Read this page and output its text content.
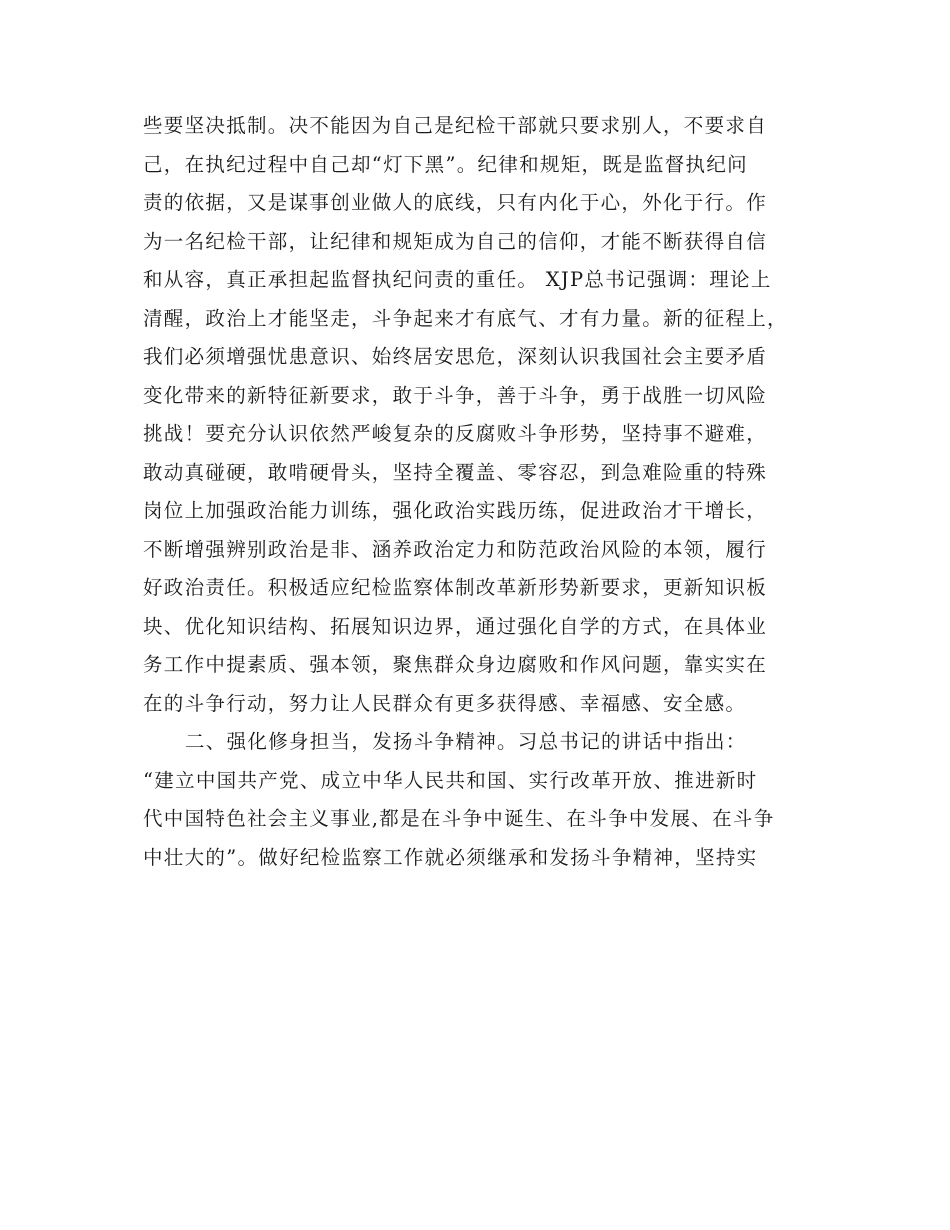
些要坚决抵制。决不能因为自己是纪检干部就只要求别人，不要求自
己，在执纪过程中自己却“灯下黑”。纪律和规矩，既是监督执纪问
责的依据，又是谋事创业做人的底线，只有内化于心，外化于行。作
为一名纪检干部，让纪律和规矩成为自己的信仰，才能不断获得自信
和从容，真正承担起监督执纪问责的重任。 XJP总书记强调：理论上
清醒，政治上才能坚走，斗争起来才有底气、才有力量。新的征程上，
我们必须增强忧患意识、始终居安思危，深刻认识我国社会主要矛盾
变化带来的新特征新要求，敢于斗争，善于斗争，勇于战胜一切风险
挑战！要充分认识依然严峻复杂的反腐败斗争形势，坚持事不避难，
敢动真碰硬，敢啃硬骨头，坚持全覆盖、零容忍，到急难险重的特殊
岗位上加强政治能力训练，强化政治实践历练，促进政治才干增长，
不断增强辨别政治是非、涵养政治定力和防范政治风险的本领，履行
好政治责任。积极适应纪检监察体制改革新形势新要求，更新知识板
块、优化知识结构、拓展知识边界，通过强化自学的方式，在具体业
务工作中提素质、强本领，聚焦群众身边腐败和作风问题，靠实实在
在的斗争行动，努力让人民群众有更多获得感、幸福感、安全感。
二、强化修身担当，发扬斗争精神。习总书记的讲话中指出：
“建立中国共产党、成立中华人民共和国、实行改革开放、推进新时
代中国特色社会主义事业,都是在斗争中诞生、在斗争中发展、在斗争
中壮大的”。做好纪检监察工作就必须继承和发扬斗争精神，坚持实
